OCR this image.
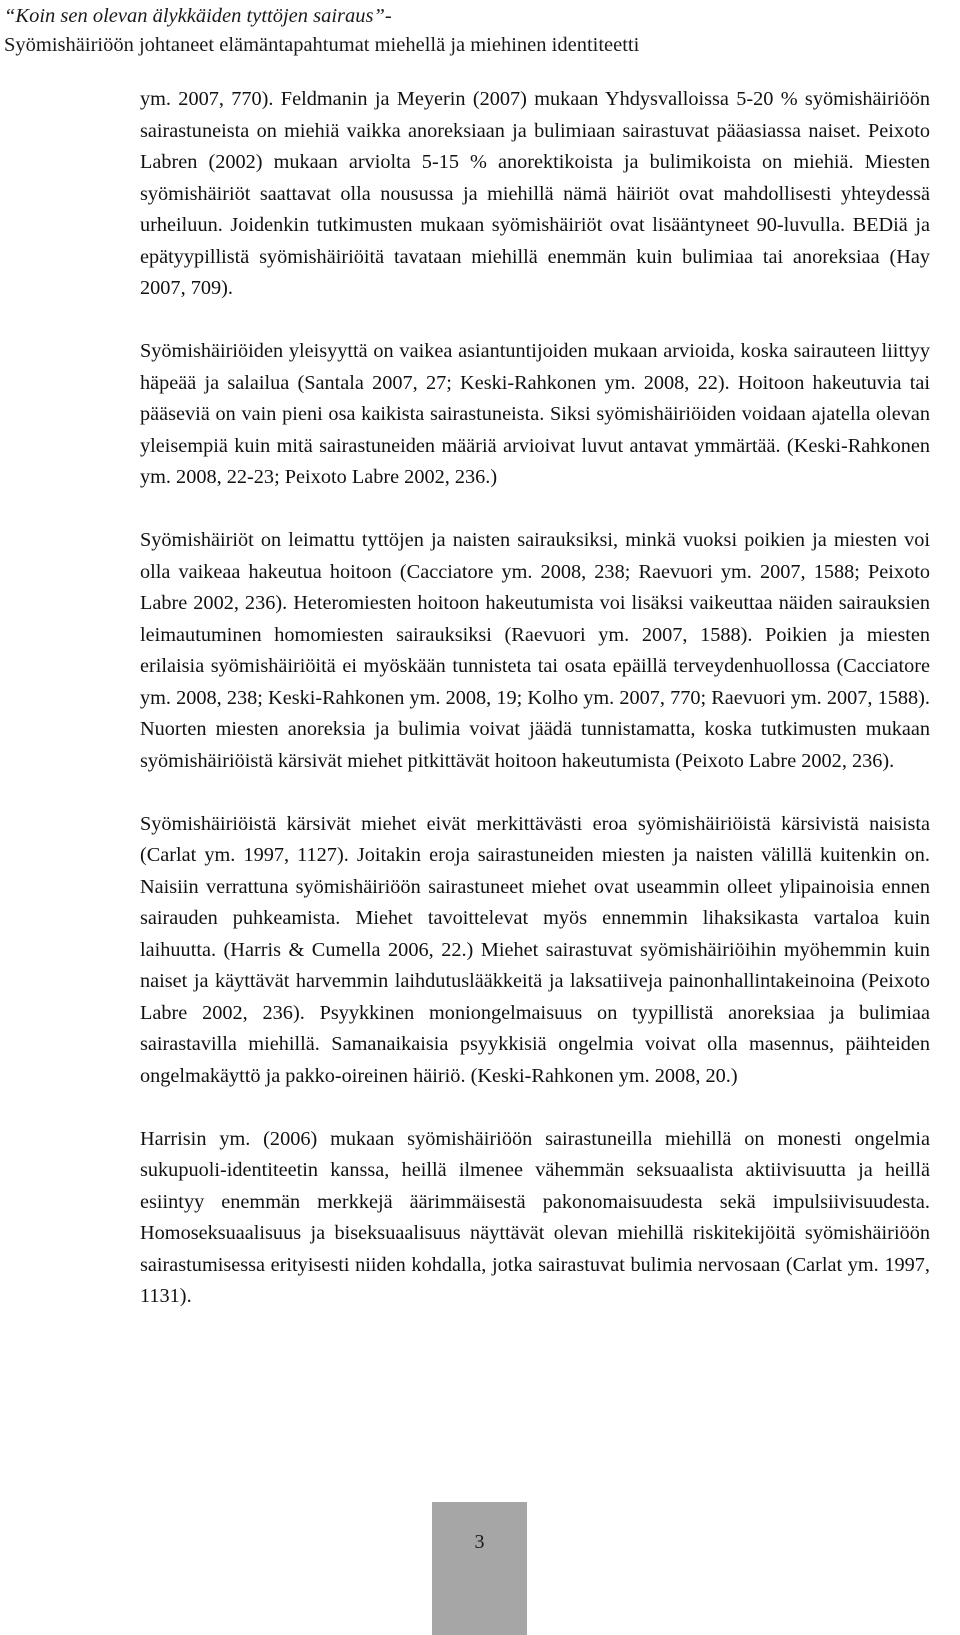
“Koin sen olevan älykkäiden tyttöjen sairaus”-
Syömishäiriöön johtaneet elämäntapahtumat miehellä ja miehinen identiteetti

ym. 2007, 770). Feldmanin ja Meyerin (2007) mukaan Yhdysvalloissa 5-20 % syömishäiriöön sairastuneista on miehiä vaikka anoreksiaan ja bulimiaan sairastuvat pääasiassa naiset. Peixoto Labren (2002) mukaan arviolta 5-15 % anorektikoista ja bulimikoista on miehiä. Miesten syömishäiriöt saattavat olla nousussa ja miehillä nämä häiriöt ovat mahdollisesti yhteydessä urheiluun. Joidenkin tutkimusten mukaan syömishäiriöt ovat lisääntyneet 90-luvulla. BEDiä ja epätyypillistä syömishäiriöitä tavataan miehillä enemmän kuin bulimiaa tai anoreksiaa (Hay 2007, 709).

Syömishäiriöiden yleisyyttä on vaikea asiantuntijoiden mukaan arvioida, koska sairauteen liittyy häpeää ja salailua (Santala 2007, 27; Keski-Rahkonen ym. 2008, 22). Hoitoon hakeutuvia tai pääseviä on vain pieni osa kaikista sairastuneista. Siksi syömishäiriöiden voidaan ajatella olevan yleisempiä kuin mitä sairastuneiden määriä arvioivat luvut antavat ymmärtää. (Keski-Rahkonen ym. 2008, 22-23; Peixoto Labre 2002, 236.)

Syömishäiriöt on leimattu tyttöjen ja naisten sairauksiksi, minkä vuoksi poikien ja miesten voi olla vaikeaa hakeutua hoitoon (Cacciatore ym. 2008, 238; Raevuori ym. 2007, 1588; Peixoto Labre 2002, 236). Heteromiesten hoitoon hakeutumista voi lisäksi vaikeuttaa näiden sairauksien leimautuminen homomiesten sairauksiksi (Raevuori ym. 2007, 1588). Poikien ja miesten erilaisia syömishäiriöitä ei myöskään tunnisteta tai osata epäillä terveydenhuollossa (Cacciatore ym. 2008, 238; Keski-Rahkonen ym. 2008, 19; Kolho ym. 2007, 770; Raevuori ym. 2007, 1588). Nuorten miesten anoreksia ja bulimia voivat jäädä tunnistamatta, koska tutkimusten mukaan syömishäiriöistä kärsivät miehet pitkittävät hoitoon hakeutumista (Peixoto Labre 2002, 236).

Syömishäiriöistä kärsivät miehet eivät merkittävästi eroa syömishäiriöistä kärsivistä naisista (Carlat ym. 1997, 1127). Joitakin eroja sairastuneiden miesten ja naisten välillä kuitenkin on. Naisiin verrattuna syömishäiriöön sairastuneet miehet ovat useammin olleet ylipainoisia ennen sairauden puhkeamista. Miehet tavoittelevat myös ennemmin lihaksikasta vartaloa kuin laihuutta. (Harris & Cumella 2006, 22.) Miehet sairastuvat syömishäiriöihin myöhemmin kuin naiset ja käyttävät harvemmin laihdutuslääkkeitä ja laksatiiveja painonhallintakeinoina (Peixoto Labre 2002, 236). Psyykkinen moniongelmaisuus on tyypillistä anoreksiaa ja bulimiaa sairastavilla miehillä. Samanaikaisia psyykkisiä ongelmia voivat olla masennus, päihteiden ongelmakäyttö ja pakko-oireinen häiriö. (Keski-Rahkonen ym. 2008, 20.)

Harrisin ym. (2006) mukaan syömishäiriöön sairastuneilla miehillä on monesti ongelmia sukupuoli-identiteetin kanssa, heillä ilmenee vähemmän seksuaalista aktiivisuutta ja heillä esiintyy enemmän merkkejä äärimmäisestä pakonomaisuudesta sekä impulsiivisuudesta. Homoseksuaalisuus ja biseksuaalisuus näyttävät olevan miehillä riskitekijöitä syömishäiriöön sairastumisessa erityisesti niiden kohdalla, jotka sairastuvat bulimia nervosaan (Carlat ym. 1997, 1131).

3
